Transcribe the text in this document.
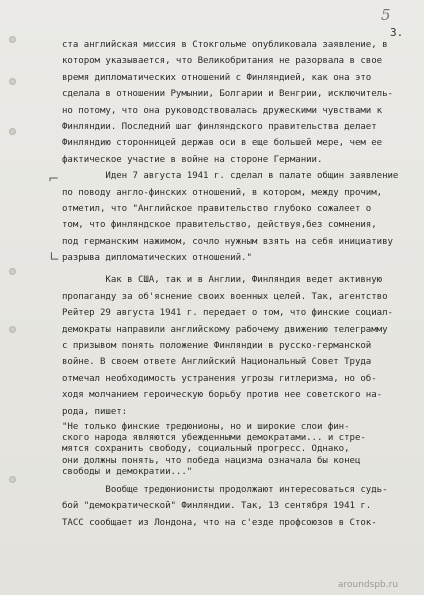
5
3.
⌐
∟
ста английская миссия в Стокгольме опубликовала заявление, в
котором указывается, что Великобритания не разорвала в свое
время дипломатических отношений с Финляндией, как она это
сделала в отношении Румынии, Болгарии и Венгрии, исключитель-
но потому, что она руководствовалась дружескими чувствами к
Финляндии. Последний шаг финляндского правительства делает
Финляндию сторонницей держав оси в еще большей мере, чем ее
фактическое участие в войне на стороне Германии.
Иден 7 августа 1941 г. сделал в палате общин заявление
по поводу англо-финских отношений, в котором, между прочим,
отметил, что "Английское правительство глубоко сожалеет о
том, что финляндское правительство, действуя,без сомнения,
под германским нажимом, сочло нужным взять на себя инициативу
разрыва дипломатических отношений."
Как в США, так и в Англии, Финляндия ведет активную
пропаганду за об'яснение своих военных целей. Так, агентство
Рейтер 29 августа 1941 г. передает о том, что финские социал-
демократы направили английскому рабочему движению телеграмму
с призывом понять положение Финляндии в русско-германской
войне. В своем ответе Английский Национальный Совет Труда
отмечал необходимость устранения угрозы гитлеризма, но об-
ходя молчанием героическую борьбу против нее советского на-
рода, пишет:
"Не только финские тредюнионы, но и широкие слои фин-
ского народа являются убежденными демократами... и стре-
мятся сохранить свободу, социальный прогресс. Однако,
они должны понять, что победа нацизма означала бы конец
свободы и демократии..."
Вообще тредюнионисты продолжают интересоваться судь-
бой "демократической" Финляндии. Так, 13 сентября 1941 г.
ТАСС сообщает из Лондона, что на с'езде профсоюзов в Сток-
aroundspb.ru
